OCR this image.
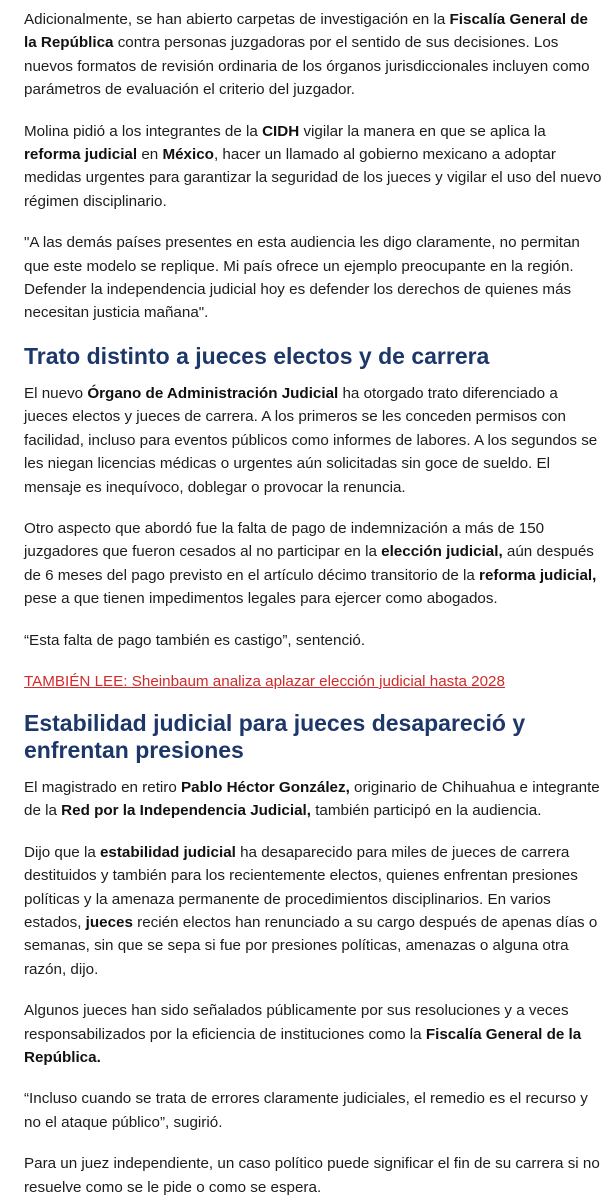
Adicionalmente, se han abierto carpetas de investigación en la Fiscalía General de la República contra personas juzgadoras por el sentido de sus decisiones. Los nuevos formatos de revisión ordinaria de los órganos jurisdiccionales incluyen como parámetros de evaluación el criterio del juzgador.

Molina pidió a los integrantes de la CIDH vigilar la manera en que se aplica la reforma judicial en México, hacer un llamado al gobierno mexicano a adoptar medidas urgentes para garantizar la seguridad de los jueces y vigilar el uso del nuevo régimen disciplinario.

"A las demás países presentes en esta audiencia les digo claramente, no permitan que este modelo se replique. Mi país ofrece un ejemplo preocupante en la región. Defender la independencia judicial hoy es defender los derechos de quienes más necesitan justicia mañana".

Trato distinto a jueces electos y de carrera

El nuevo Órgano de Administración Judicial ha otorgado trato diferenciado a jueces electos y jueces de carrera. A los primeros se les conceden permisos con facilidad, incluso para eventos públicos como informes de labores. A los segundos se les niegan licencias médicas o urgentes aún solicitadas sin goce de sueldo. El mensaje es inequívoco, doblegar o provocar la renuncia.

Otro aspecto que abordó fue la falta de pago de indemnización a más de 150 juzgadores que fueron cesados al no participar en la elección judicial, aún después de 6 meses del pago previsto en el artículo décimo transitorio de la reforma judicial, pese a que tienen impedimentos legales para ejercer como abogados.

“Esta falta de pago también es castigo”, sentenció.

TAMBIÉN LEE: Sheinbaum analiza aplazar elección judicial hasta 2028
Estabilidad judicial para jueces desapareció y enfrentan presiones

El magistrado en retiro Pablo Héctor González, originario de Chihuahua e integrante de la Red por la Independencia Judicial, también participó en la audiencia.

Dijo que la estabilidad judicial ha desaparecido para miles de jueces de carrera destituidos y también para los recientemente electos, quienes enfrentan presiones políticas y la amenaza permanente de procedimientos disciplinarios. En varios estados, jueces recién electos han renunciado a su cargo después de apenas días o semanas, sin que se sepa si fue por presiones políticas, amenazas o alguna otra razón, dijo.

Algunos jueces han sido señalados públicamente por sus resoluciones y a veces responsabilizados por la eficiencia de instituciones como la Fiscalía General de la República.

“Incluso cuando se trata de errores claramente judiciales, el remedio es el recurso y no el ataque público”, sugirió.

Para un juez independiente, un caso político puede significar el fin de su carrera si no resuelve como se le pide o como se espera.
